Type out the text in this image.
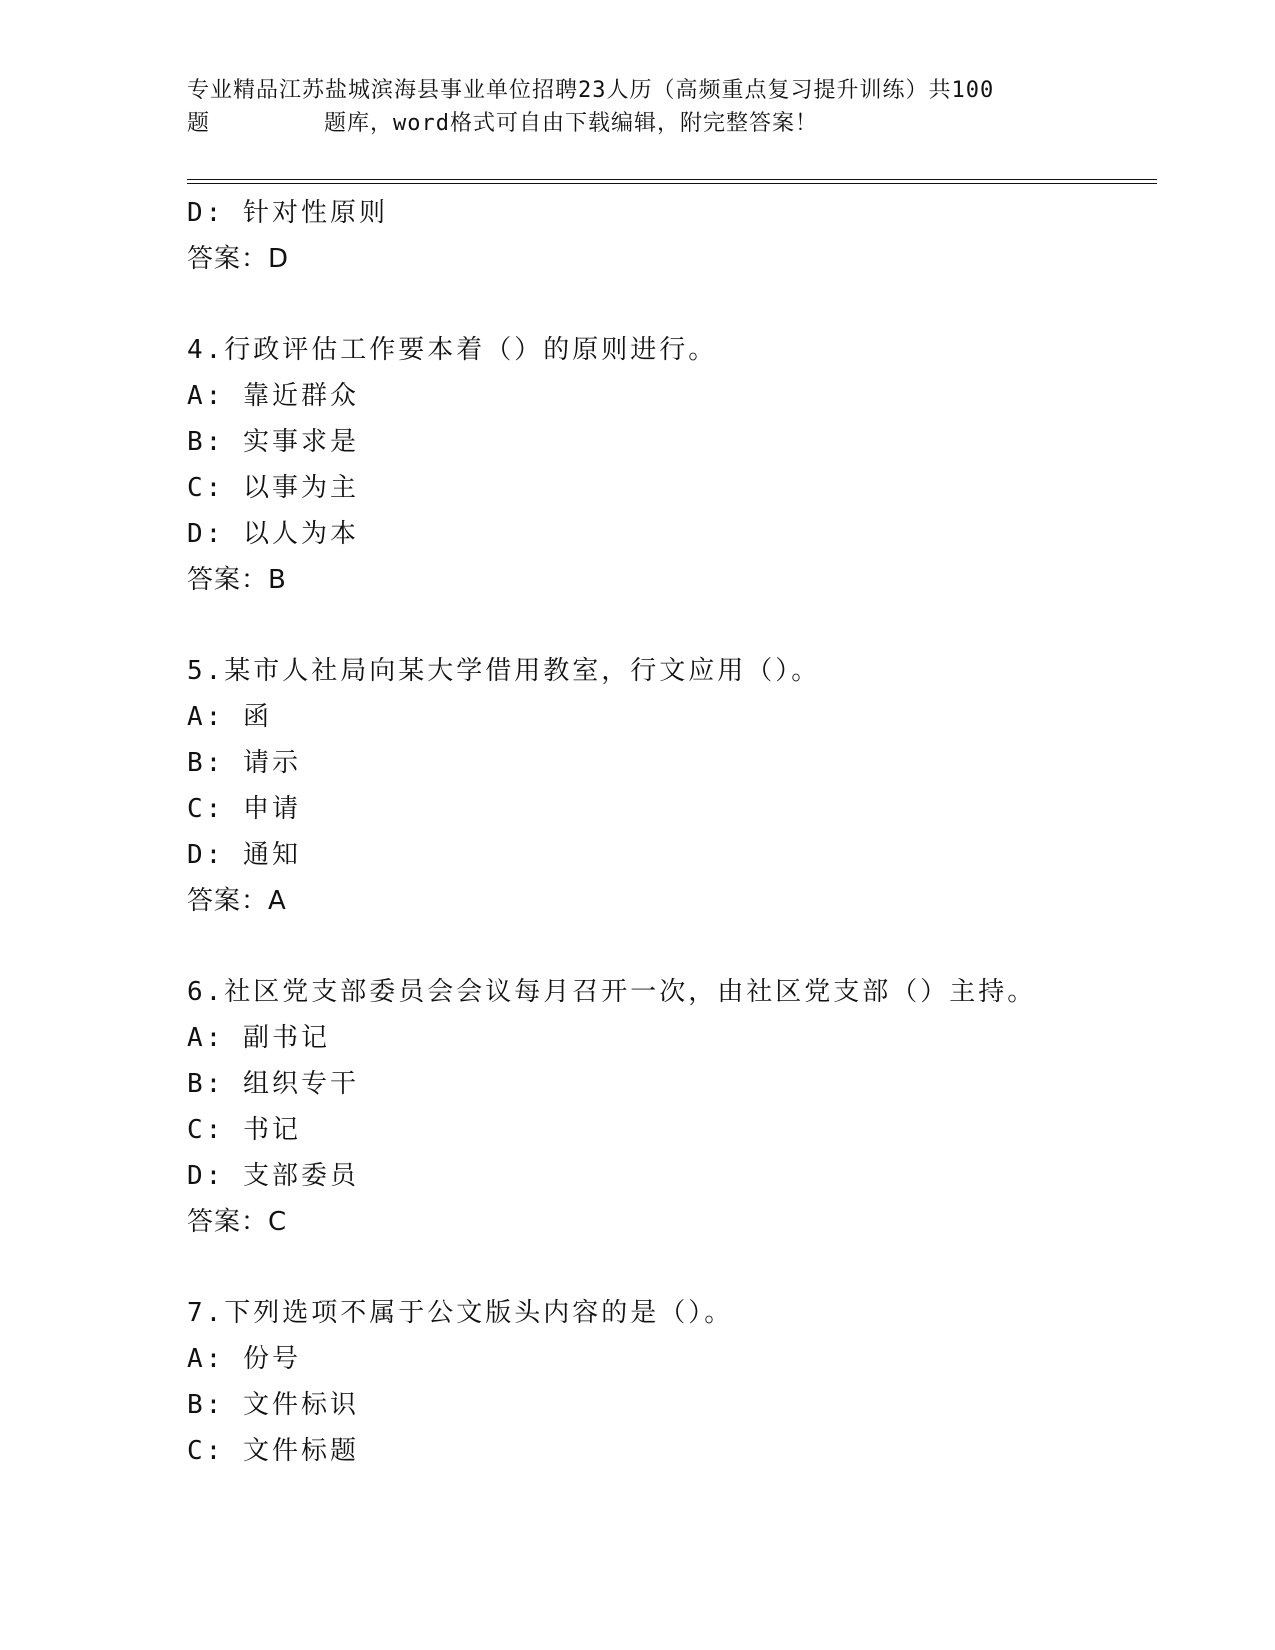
专业精品江苏盐城滨海县事业单位招聘23人历（高频重点复习提升训练）共100

题        题库，word格式可自由下载编辑，附完整答案！
D: 针对性原则
答案：D
4.行政评估工作要本着（）的原则进行。
A: 靠近群众
B: 实事求是
C: 以事为主
D: 以人为本
答案：B
5.某市人社局向某大学借用教室，行文应用（）。
A: 函
B: 请示
C: 申请
D: 通知
答案：A
6.社区党支部委员会会议每月召开一次，由社区党支部（）主持。
A: 副书记
B: 组织专干
C: 书记
D: 支部委员
答案：C
7.下列选项不属于公文版头内容的是（）。
A: 份号
B: 文件标识
C: 文件标题
